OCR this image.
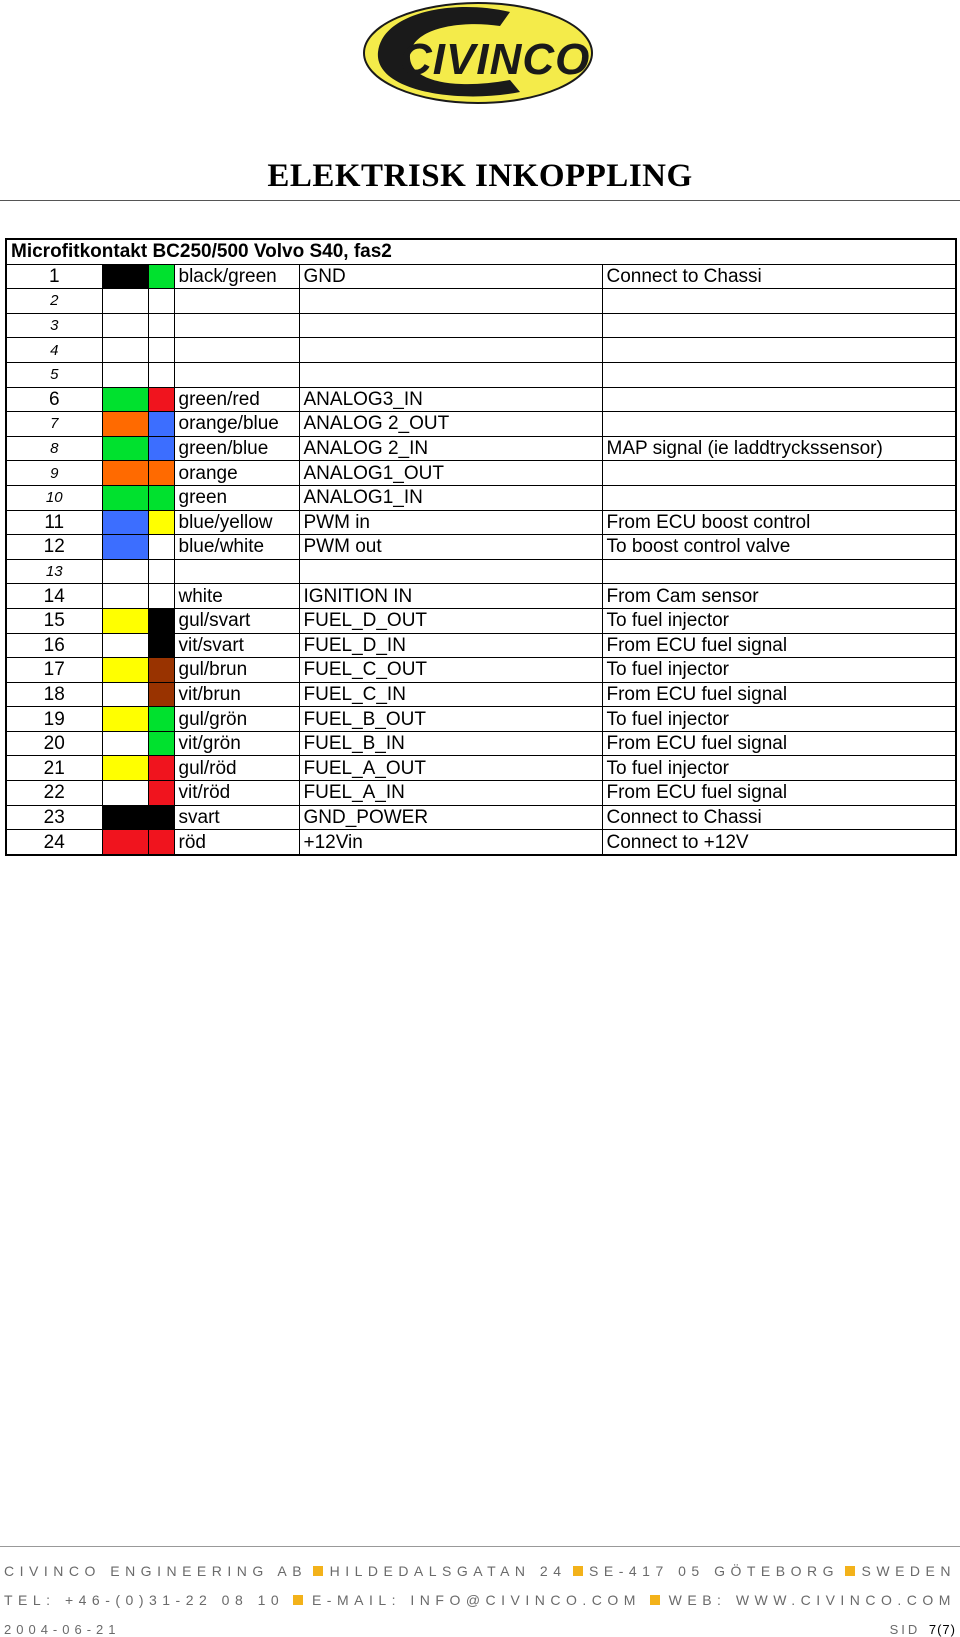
CIVINCO
ELEKTRISK INKOPPLING
Microfitkontakt BC250/500 Volvo S40, fas2					
1			black/green	GND	Connect to Chassi
2					
3					
4					
5					
6			green/red	ANALOG3_IN	
7			orange/blue	ANALOG 2_OUT	
8			green/blue	ANALOG 2_IN	MAP signal (ie laddtryckssensor)
9			orange	ANALOG1_OUT	
10			green	ANALOG1_IN	
11			blue/yellow	PWM in	From ECU boost control
12			blue/white	PWM out	To boost control valve
13					
14			white	IGNITION IN	From Cam sensor
15			gul/svart	FUEL_D_OUT	To fuel injector
16			vit/svart	FUEL_D_IN	From ECU fuel signal
17			gul/brun	FUEL_C_OUT	To fuel injector
18			vit/brun	FUEL_C_IN	From ECU fuel signal
19			gul/grön	FUEL_B_OUT	To fuel injector
20			vit/grön	FUEL_B_IN	From ECU fuel signal
21			gul/röd	FUEL_A_OUT	To fuel injector
22			vit/röd	FUEL_A_IN	From ECU fuel signal
23			svart	GND_POWER	Connect to Chassi
24			röd	+12Vin	Connect to +12V
CIVINCO ENGINEERING AB HILDEDALSGATAN 24 SE-417 05 GÖTEBORG SWEDEN
TEL: +46-(0)31-22 08 10 E-MAIL: INFO@CIVINCO.COM WEB: WWW.CIVINCO.COM
2004-06-21	SID 7(7)
